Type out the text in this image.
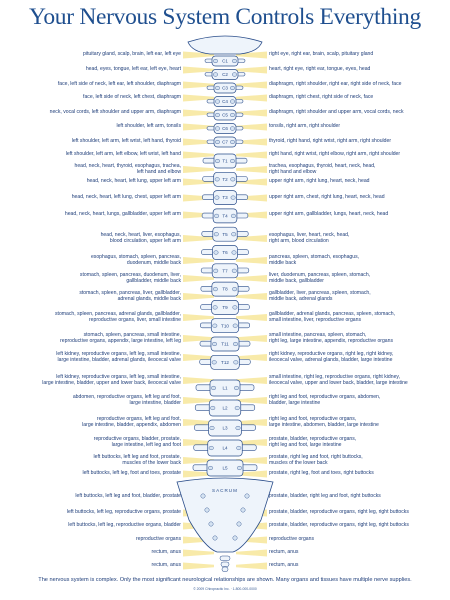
Your Nervous System Controls Everything
C1
C2
C3
C4
C5
C6
C7
T1
T2
T3
T4
T5
T6
T7
T8
T9
T10
T11
T12
L1
L2
L3
L4
L5
SACRUM
pituitary gland, scalp, brain, left ear, left eye
head, eyes, tongue, left ear, left eye, heart
face, left side of neck, left ear, left shoulder, diaphragm
face, left side of neck, left chest, diaphragm
neck, vocal cords, left shoulder and upper arm, diaphragm
left shoulder, left arm, tonsils
left shoulder, left arm, left wrist, left hand, thyroid
left shoulder, left arm, left elbow, left wrist, left hand
head, neck, heart, thyroid, esophagus, trachea,
left hand and elbow
head, neck, heart, left lung, upper left arm
head, neck, heart, left lung, chest, upper left arm
head, neck, heart, lungs, gallbladder, upper left arm
head, neck, heart, liver, esophagus,
blood circulation, upper left arm
esophagus, stomach, spleen, pancreas,
duodenum, middle back
stomach, spleen, pancreas, duodenum, liver,
gallbladder, middle back
stomach, spleen, pancreas, liver, gallbladder,
adrenal glands, middle back
stomach, spleen, pancreas, adrenal glands, gallbladder,
reproductive organs, liver, small intestine
stomach, spleen, pancreas, small intestine,
reproductive organs, appendix, large intestine, left leg
left kidney, reproductive organs, left leg, small intestine,
large intestine, bladder, adrenal glands, ileocecal valve
left kidney, reproductive organs, left leg, small intestine,
large intestine, bladder, upper and lower back, ileocecal valve
abdomen, reproductive organs, left leg and foot,
large intestine, bladder
reproductive organs, left leg and foot,
large intestine, bladder, appendix, abdomen
reproductive organs, bladder, prostate,
large intestine, left leg and foot
left buttocks, left leg and foot, prostate,
muscles of the lower back
left buttocks, left leg, foot and toes, prostate
left buttocks, left leg and foot, bladder, prostate
left buttocks, left leg, reproductive organs, prostate
left buttocks, left leg, reproductive organs, bladder
reproductive organs
rectum, anus
rectum, anus
right eye, right ear, brain, scalp, pituitary gland
heart, right eye, right ear, tongue, eyes, head
diaphragm, right shoulder, right ear, right side of neck, face
diaphragm, right chest, right side of neck, face
diaphragm, right shoulder and upper arm, vocal cords, neck
tonsils, right arm, right shoulder
thyroid, right hand, right wrist, right arm, right shoulder
right hand, right wrist, right elbow, right arm, right shoulder
trachea, esophagus, thyroid, heart, neck, head,
right hand and elbow
upper right arm, right lung, heart, neck, head
upper right arm, chest, right lung, heart, neck, head
upper right arm, gallbladder, lungs, heart, neck, head
esophagus, liver, heart, neck, head,
right arm, blood circulation
pancreas, spleen, stomach, esophagus,
middle back
liver, duodenum, pancreas, spleen, stomach,
middle back, gallbladder
gallbladder, liver, pancreas, spleen, stomach,
middle back, adrenal glands
gallbladder, adrenal glands, pancreas, spleen, stomach,
small intestine, liver, reproductive organs
small intestine, pancreas, spleen, stomach,
right leg, large intestine, appendix, reproductive organs
right kidney, reproductive organs, right leg, right kidney,
ileocecal valve, adrenal glands, bladder, large intestine
small intestine, right leg, reproductive organs, right kidney,
ileocecal valve, upper and lower back, bladder, large intestine
right leg and foot, reproductive organs, abdomen,
bladder, large intestine
right leg and foot, reproductive organs,
large intestine, abdomen, bladder, large intestine
prostate, bladder, reproductive organs,
right leg and foot, large intestine
prostate, right leg and foot, right buttocks,
muscles of the lower back
prostate, right leg, foot and toes, right buttocks
prostate, bladder, right leg and foot, right buttocks
prostate, bladder, reproductive organs, right leg, right buttocks
prostate, bladder, reproductive organs, right leg, right buttocks
reproductive organs
rectum, anus
rectum, anus
The nervous system is complex. Only the most significant neurological relationships are shown. Many organs and tissues have multiple nerve supplies.
© 2009 Chiropractic Inc. · 1-800-000-0000
